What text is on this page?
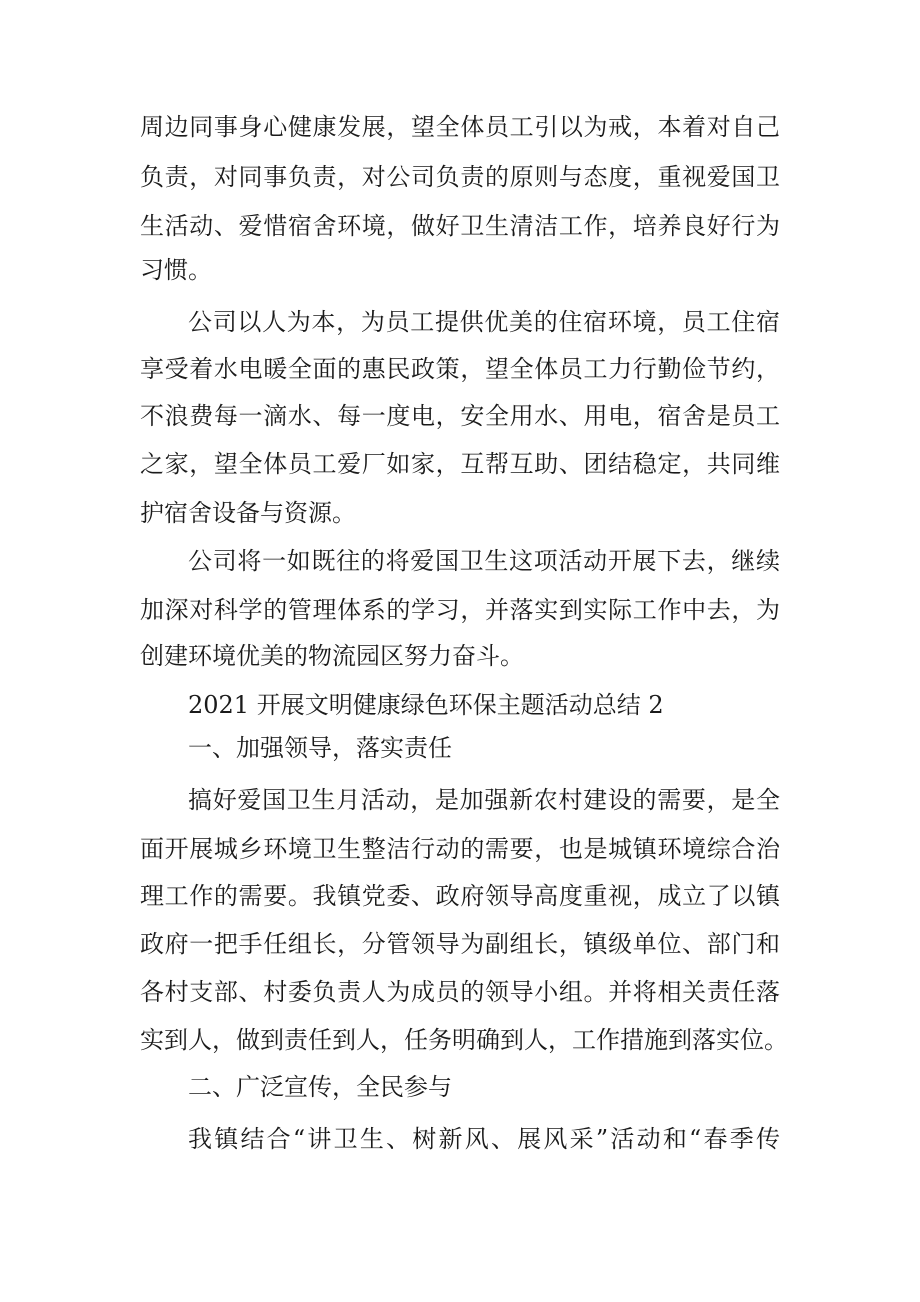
周边同事身心健康发展，望全体员工引以为戒，本着对自己
负责，对同事负责，对公司负责的原则与态度，重视爱国卫
生活动、爱惜宿舍环境，做好卫生清洁工作，培养良好行为
习惯。
公司以人为本，为员工提供优美的住宿环境，员工住宿
享受着水电暖全面的惠民政策，望全体员工力行勤俭节约，
不浪费每一滴水、每一度电，安全用水、用电，宿舍是员工
之家，望全体员工爱厂如家，互帮互助、团结稳定，共同维
护宿舍设备与资源。
公司将一如既往的将爱国卫生这项活动开展下去，继续
加深对科学的管理体系的学习，并落实到实际工作中去，为
创建环境优美的物流园区努力奋斗。
2021 开展文明健康绿色环保主题活动总结 2
一、加强领导，落实责任
搞好爱国卫生月活动，是加强新农村建设的需要，是全
面开展城乡环境卫生整洁行动的需要，也是城镇环境综合治
理工作的需要。我镇党委、政府领导高度重视，成立了以镇
政府一把手任组长，分管领导为副组长，镇级单位、部门和
各村支部、村委负责人为成员的领导小组。并将相关责任落
实到人，做到责任到人，任务明确到人，工作措施到落实位。
二、广泛宣传，全民参与
我镇结合“讲卫生、树新风、展风采”活动和“春季传
